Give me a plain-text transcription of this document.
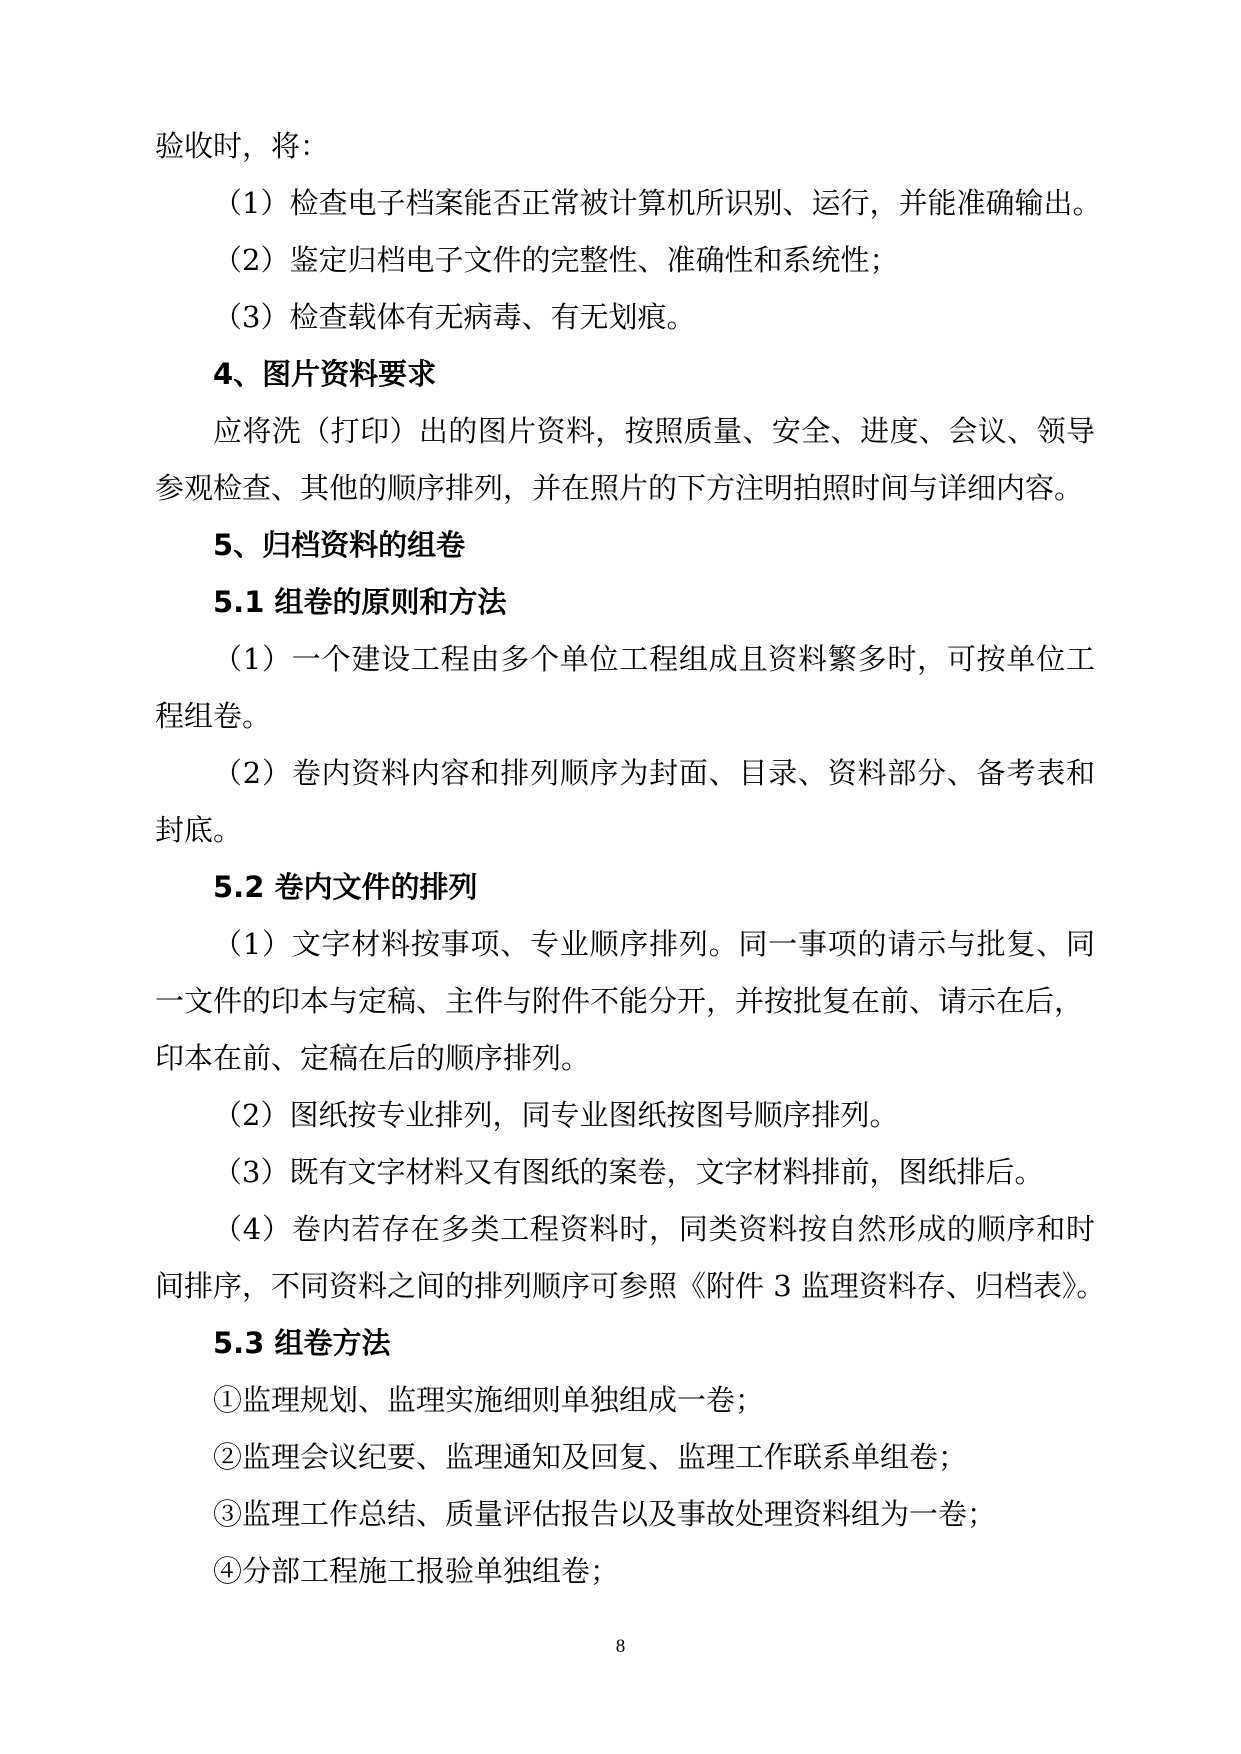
验收时，将：
（1）检查电子档案能否正常被计算机所识别、运行，并能准确输出。
（2）鉴定归档电子文件的完整性、准确性和系统性；
（3）检查载体有无病毒、有无划痕。
4、图片资料要求
应将洗（打印）出的图片资料，按照质量、安全、进度、会议、领导
参观检查、其他的顺序排列，并在照片的下方注明拍照时间与详细内容。
5、归档资料的组卷
5.1 组卷的原则和方法
（1）一个建设工程由多个单位工程组成且资料繁多时，可按单位工
程组卷。
（2）卷内资料内容和排列顺序为封面、目录、资料部分、备考表和
封底。
5.2 卷内文件的排列
（1）文字材料按事项、专业顺序排列。同一事项的请示与批复、同
一文件的印本与定稿、主件与附件不能分开，并按批复在前、请示在后，
印本在前、定稿在后的顺序排列。
（2）图纸按专业排列，同专业图纸按图号顺序排列。
（3）既有文字材料又有图纸的案卷，文字材料排前，图纸排后。
（4）卷内若存在多类工程资料时，同类资料按自然形成的顺序和时
间排序，不同资料之间的排列顺序可参照《附件 3 监理资料存、归档表》。
5.3 组卷方法
①监理规划、监理实施细则单独组成一卷；
②监理会议纪要、监理通知及回复、监理工作联系单组卷；
③监理工作总结、质量评估报告以及事故处理资料组为一卷；
④分部工程施工报验单独组卷；
8
